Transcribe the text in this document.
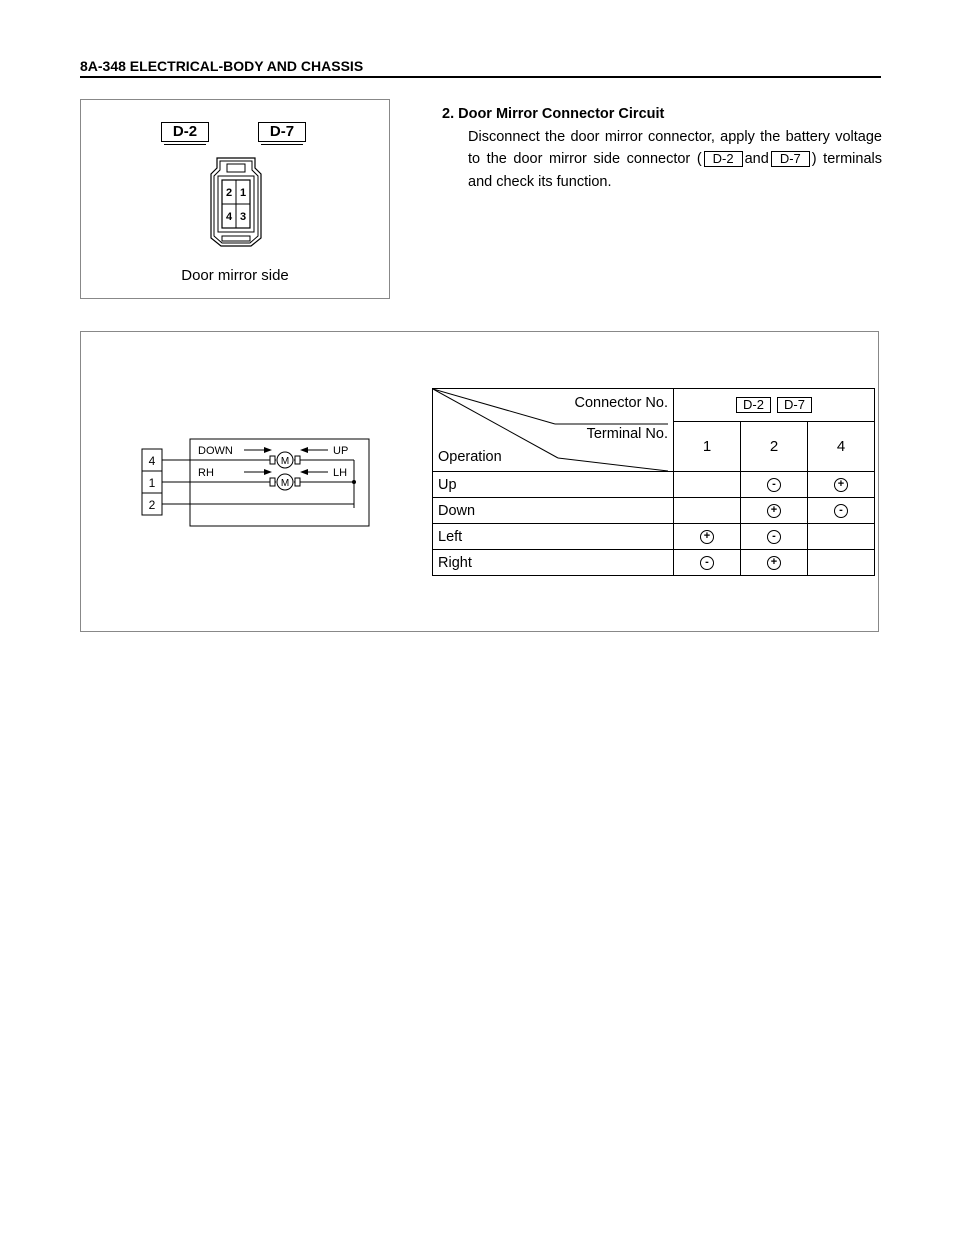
8A-348 ELECTRICAL-BODY AND CHASSIS
D-2	D-7
2 1
4 3
Door mirror side
2. Door Mirror Connector Circuit
Disconnect the door mirror connector, apply the battery voltage to the door mirror side connector ( D-2 and D-7 ) terminals and check its function.
4
1
2
M
M
DOWN	UP
RH	LH
Connector No.
Terminal No.
Operation	D-2 D-7		
	1	2	4
Up		-	+
Down		+	-
Left	+	-	
Right	-	+	
